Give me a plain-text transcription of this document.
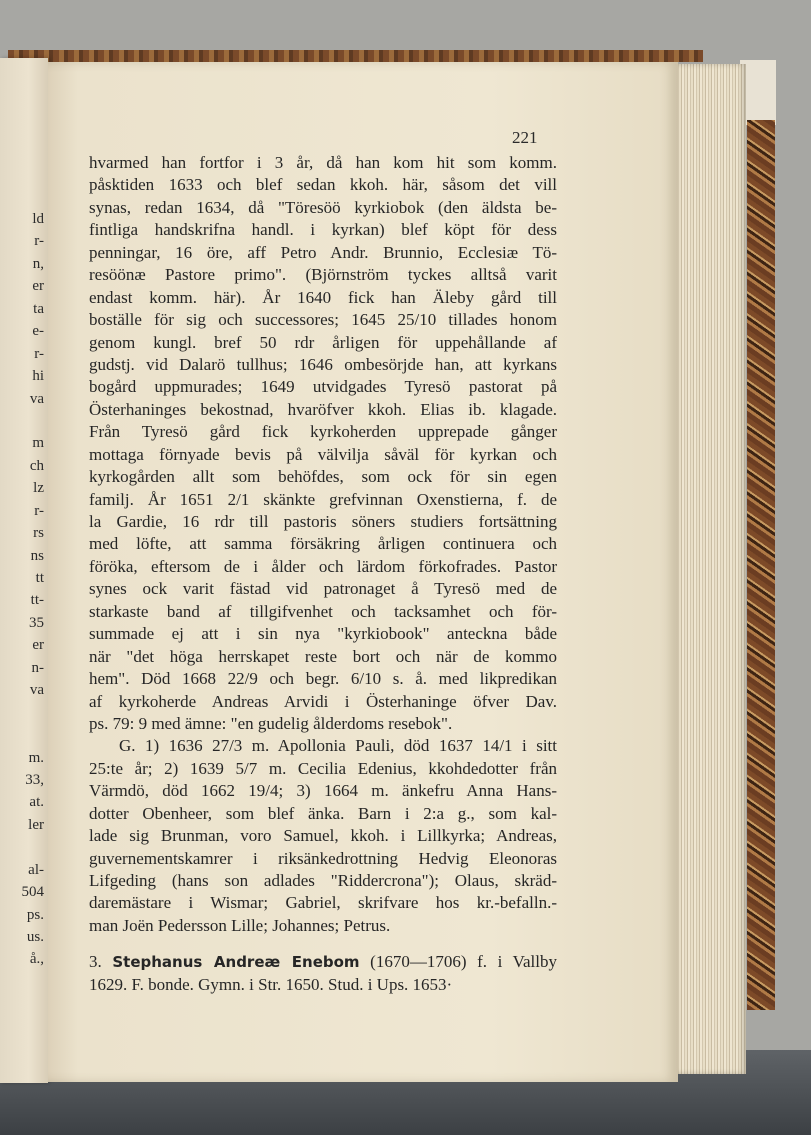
ld
r-
n,
er
ta
e-
r-
hi
va
m
ch
lz
r-
rs
ns
tt
tt-
35
er
n-
va
m.
33,
at.
ler
al-
504
ps.
us.
å.,
221
hvarmed han fortfor i 3 år, då han kom hit som komm.
påsktiden 1633 och blef sedan kkoh. här, såsom det vill
synas, redan 1634, då "Töresöö kyrkiobok (den äldsta be-
fintliga handskrifna handl. i kyrkan) blef köpt för dess
penningar, 16 öre, aff Petro Andr. Brunnio, Ecclesiæ Tö-
resöönæ Pastore primo". (Björnström tyckes alltså varit
endast komm. här). År 1640 fick han Äleby gård till
boställe för sig och successores; 1645 25/10 tillades honom
genom kungl. bref 50 rdr årligen för uppehållande af
gudstj. vid Dalarö tullhus; 1646 ombesörjde han, att kyrkans
bogård uppmurades; 1649 utvidgades Tyresö pastorat på
Österhaninges bekostnad, hvaröfver kkoh. Elias ib. klagade.
Från Tyresö gård fick kyrkoherden upprepade gånger
mottaga förnyade bevis på välvilja såväl för kyrkan och
kyrkogården allt som behöfdes, som ock för sin egen
familj. År 1651 2/1 skänkte grefvinnan Oxenstierna, f. de
la Gardie, 16 rdr till pastoris söners studiers fortsättning
med löfte, att samma försäkring årligen continuera och
föröka, eftersom de i ålder och lärdom förkofrades. Pastor
synes ock varit fästad vid patronaget å Tyresö med de
starkaste band af tillgifvenhet och tacksamhet och för-
summade ej att i sin nya "kyrkiobook" anteckna både
när "det höga herrskapet reste bort och när de kommo
hem". Död 1668 22/9 och begr. 6/10 s. å. med likpredikan
af kyrkoherde Andreas Arvidi i Österhaninge öfver Dav.
ps. 79: 9 med ämne: "en gudelig ålderdoms resebok".
G. 1) 1636 27/3 m. Apollonia Pauli, död 1637 14/1 i sitt
25:te år; 2) 1639 5/7 m. Cecilia Edenius, kkohdedotter från
Värmdö, död 1662 19/4; 3) 1664 m. änkefru Anna Hans-
dotter Obenheer, som blef änka. Barn i 2:a g., som kal-
lade sig Brunman, voro Samuel, kkoh. i Lillkyrka; Andreas,
guvernementskamrer i riksänkedrottning Hedvig Eleonoras
Lifgeding (hans son adlades "Riddercrona"); Olaus, skräd-
daremästare i Wismar; Gabriel, skrifvare hos kr.-befalln.-
man Joën Pedersson Lille; Johannes; Petrus.
3. Stephanus Andreæ Enebom (1670—1706) f. i Vallby
1629. F. bonde. Gymn. i Str. 1650. Stud. i Ups. 1653·
